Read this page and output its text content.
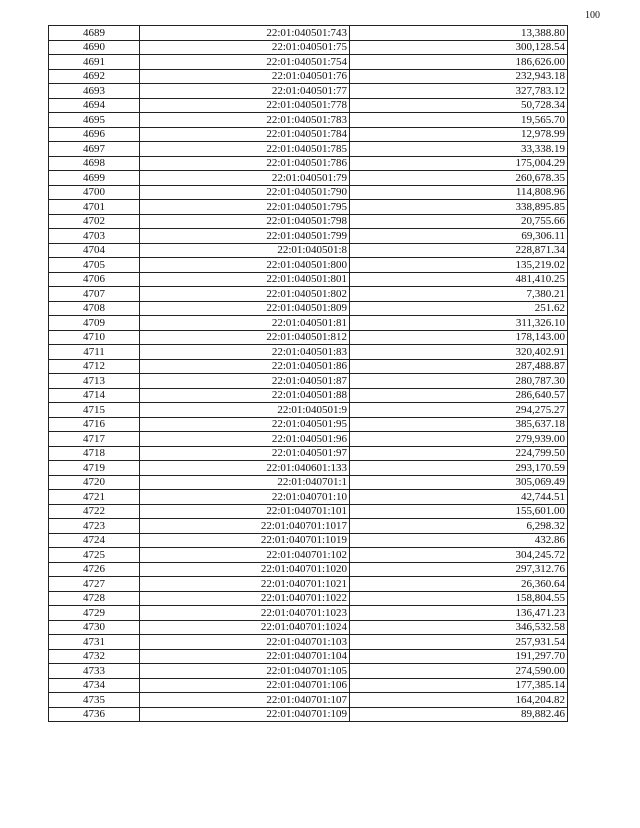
100
4689	22:01:040501:743	13,388.80
4690	22:01:040501:75	300,128.54
4691	22:01:040501:754	186,626.00
4692	22:01:040501:76	232,943.18
4693	22:01:040501:77	327,783.12
4694	22:01:040501:778	50,728.34
4695	22:01:040501:783	19,565.70
4696	22:01:040501:784	12,978.99
4697	22:01:040501:785	33,338.19
4698	22:01:040501:786	175,004.29
4699	22:01:040501:79	260,678.35
4700	22:01:040501:790	114,808.96
4701	22:01:040501:795	338,895.85
4702	22:01:040501:798	20,755.66
4703	22:01:040501:799	69,306.11
4704	22:01:040501:8	228,871.34
4705	22:01:040501:800	135,219.02
4706	22:01:040501:801	481,410.25
4707	22:01:040501:802	7,380.21
4708	22:01:040501:809	251.62
4709	22:01:040501:81	311,326.10
4710	22:01:040501:812	178,143.00
4711	22:01:040501:83	320,402.91
4712	22:01:040501:86	287,488.87
4713	22:01:040501:87	280,787.30
4714	22:01:040501:88	286,640.57
4715	22:01:040501:9	294,275.27
4716	22:01:040501:95	385,637.18
4717	22:01:040501:96	279,939.00
4718	22:01:040501:97	224,799.50
4719	22:01:040601:133	293,170.59
4720	22:01:040701:1	305,069.49
4721	22:01:040701:10	42,744.51
4722	22:01:040701:101	155,601.00
4723	22:01:040701:1017	6,298.32
4724	22:01:040701:1019	432.86
4725	22:01:040701:102	304,245.72
4726	22:01:040701:1020	297,312.76
4727	22:01:040701:1021	26,360.64
4728	22:01:040701:1022	158,804.55
4729	22:01:040701:1023	136,471.23
4730	22:01:040701:1024	346,532.58
4731	22:01:040701:103	257,931.54
4732	22:01:040701:104	191,297.70
4733	22:01:040701:105	274,590.00
4734	22:01:040701:106	177,385.14
4735	22:01:040701:107	164,204.82
4736	22:01:040701:109	89,882.46
